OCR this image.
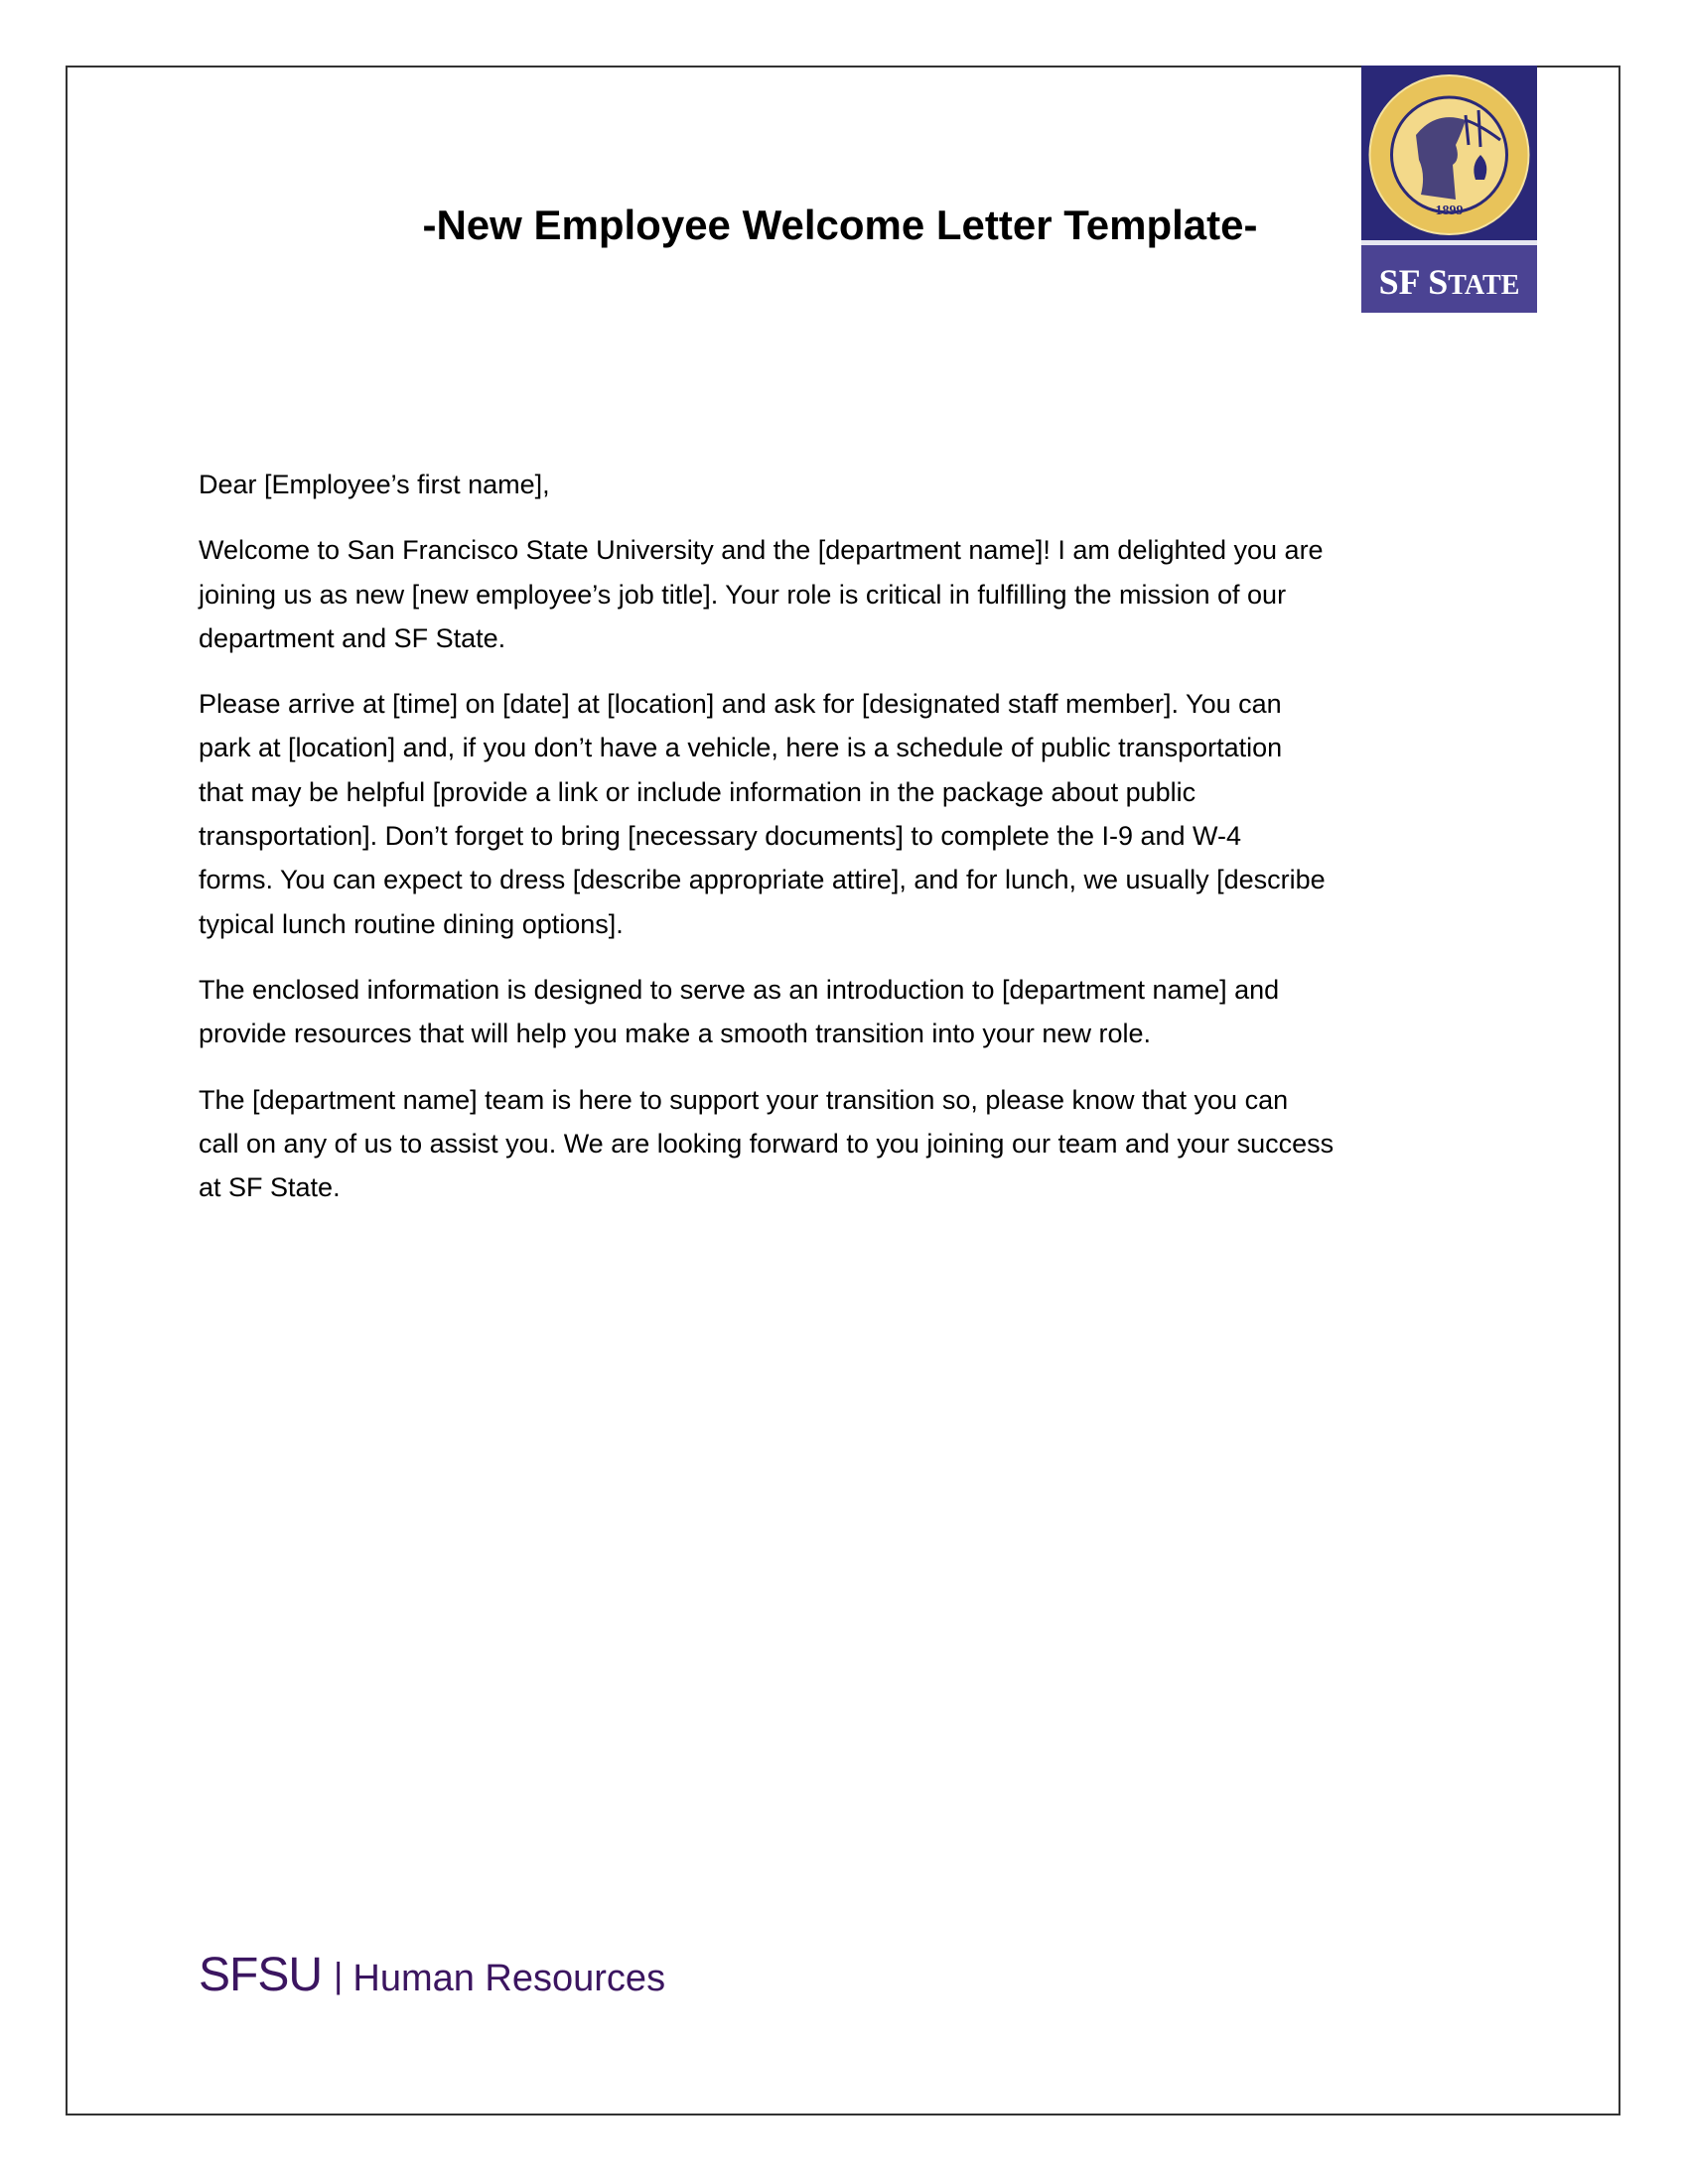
-New Employee Welcome Letter Template-	·1899·
SF STATE

Dear [Employee’s first name],

Welcome to San Francisco State University and the [department name]! I am delighted you are
joining us as new [new employee’s job title]. Your role is critical in fulfilling the mission of our
department and SF State.

Please arrive at [time] on [date] at [location] and ask for [designated staff member]. You can
park at [location] and, if you don’t have a vehicle, here is a schedule of public transportation
that may be helpful [provide a link or include information in the package about public
transportation]. Don’t forget to bring [necessary documents] to complete the I-9 and W-4
forms. You can expect to dress [describe appropriate attire], and for lunch, we usually [describe
typical lunch routine dining options].

The enclosed information is designed to serve as an introduction to [department name] and
provide resources that will help you make a smooth transition into your new role.

The [department name] team is here to support your transition so, please know that you can
call on any of us to assist you. We are looking forward to you joining our team and your success
at SF State.

SFSU | Human Resources
